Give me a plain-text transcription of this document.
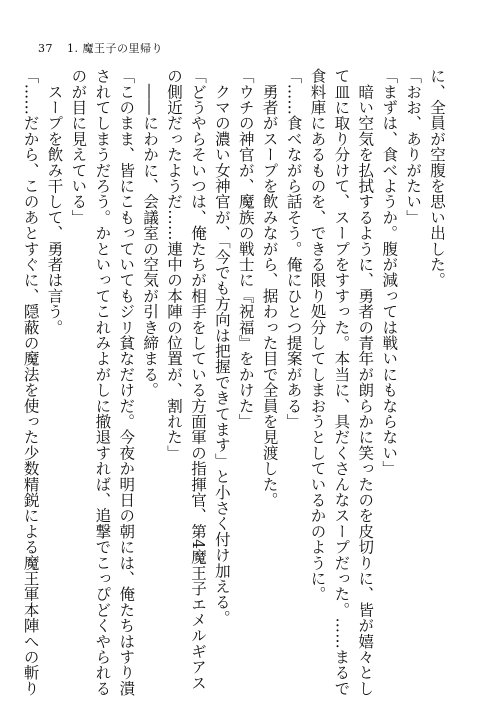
37 1. 魔王子の里帰り
に、全員が空腹を思い出した。
「おお、ありがたい」
「まずは、食べようか。腹が減っては戦いにもならない」
　暗い空気を払拭するように、勇者の青年が朗らかに笑ったのを皮切りに、皆が嬉々とし
て皿に取り分けて、スープをすすった。本当に、具だくさんなスープだった。……まるで
食料庫にあるものを、できる限り処分してしまおうとしているかのように。
「……食べながら話そう。俺にひとつ提案がある」
　勇者がスープを飲みながら、据わった目で全員を見渡した。
「ウチの神官が、魔族の戦士に『祝福』をかけた」
　クマの濃い女神官が、「今でも方向は把握できてます」と小さく付け加える。
「どうやらそいつは、俺たちが相手をしている方面軍の指揮官、第4魔王子エメルギアス
の側近だったようだ……連中の本陣の位置が、割れた」
　――にわかに、会議室の空気が引き締まる。
「このまま、皆にこもっていてもジリ貧なだけだ。今夜か明日の朝には、俺たちはすり潰
されてしまうだろう。かといってこれみよがしに撤退すれば、追撃でこっぴどくやられる
のが目に見えている」
　スープを飲み干して、勇者は言う。
「……だから、このあとすぐに、隠蔽の魔法を使った少数精鋭による魔王軍本陣への斬り
